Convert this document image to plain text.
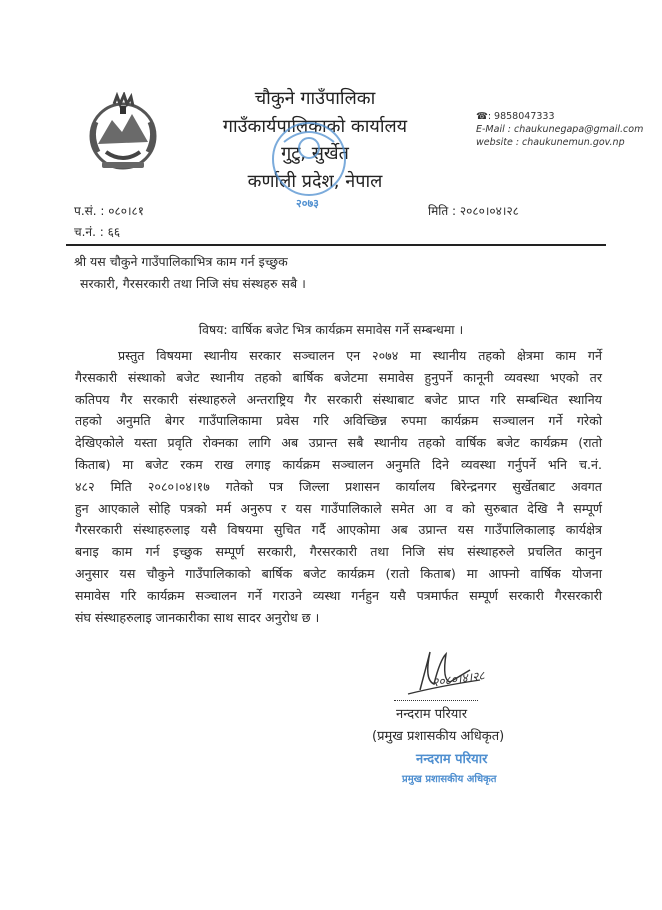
चौकुने गाउँपालिका
गाउँकार्यपालिकाको कार्यालय
गुटु, सुर्खेत
कर्णाली प्रदेश, नेपाल
२०७३
☎: 9858047333
E-Mail : chaukunegapa@gmail.com
website : chaukunemun.gov.np
प.सं. : ०८०।८१
च.नं. : ६६
मिति : २०८०।०४।२८
श्री यस चौकुने गाउँपालिकाभित्र काम गर्न इच्छुक
सरकारी, गैरसरकारी तथा निजि संघ संस्थहरु सबै ।
विषय: वार्षिक बजेट भित्र कार्यक्रम समावेस गर्ने सम्बन्धमा ।
प्रस्तुत विषयमा स्थानीय सरकार सञ्चालन एन २०७४ मा स्थानीय तहको क्षेत्रमा काम गर्ने
गैरसकारी संस्थाको बजेट स्थानीय तहको बार्षिक बजेटमा समावेस हुनुपर्ने कानूनी व्यवस्था भएको तर
कतिपय गैर सरकारी संस्थाहरुले अन्तराष्ट्रिय गैर सरकारी संस्थाबाट बजेट प्राप्त गरि सम्बन्धित स्थानिय
तहको अनुमति बेगर गाउँपालिकामा प्रवेस गरि अविच्छिन्न रुपमा कार्यक्रम सञ्चालन गर्ने गरेको
देखिएकोले यस्ता प्रवृति रोक्नका लागि अब उप्रान्त सबै स्थानीय तहको वार्षिक बजेट कार्यक्रम (रातो
किताब) मा बजेट रकम राख लगाइ कार्यक्रम सञ्चालन अनुमति दिने व्यवस्था गर्नुपर्ने भनि च.नं.
४८२ मिति २०८०।०४।१७ गतेको पत्र जिल्ला प्रशासन कार्यालय बिरेन्द्रनगर सुर्खेतबाट अवगत
हुन आएकाले सोहि पत्रको मर्म अनुरुप र यस गाउँपालिकाले समेत आ व को सुरुबात देखि नै सम्पूर्ण
गैरसरकारी संस्थाहरुलाइ यसै विषयमा सुचित गर्दै आएकोमा अब उप्रान्त यस गाउँपालिकालाइ कार्यक्षेत्र
बनाइ काम गर्न इच्छुक सम्पूर्ण सरकारी, गैरसरकारी तथा निजि संघ संस्थाहरुले प्रचलित कानुन
अनुसार यस चौकुने गाउँपालिकाको बार्षिक बजेट कार्यक्रम (रातो किताब) मा आफ्नो वार्षिक योजना
समावेस गरि कार्यक्रम सञ्चालन गर्ने गराउने व्यस्था गर्नहुन यसै पत्रमार्फत सम्पूर्ण सरकारी गैरसरकारी
संघ संस्थाहरुलाइ जानकारीका साथ सादर अनुरोध छ ।
२०८०।४।२८
नन्दराम परियार
(प्रमुख प्रशासकीय अधिकृत)
नन्दराम परियार
प्रमुख प्रशासकीय अधिकृत
